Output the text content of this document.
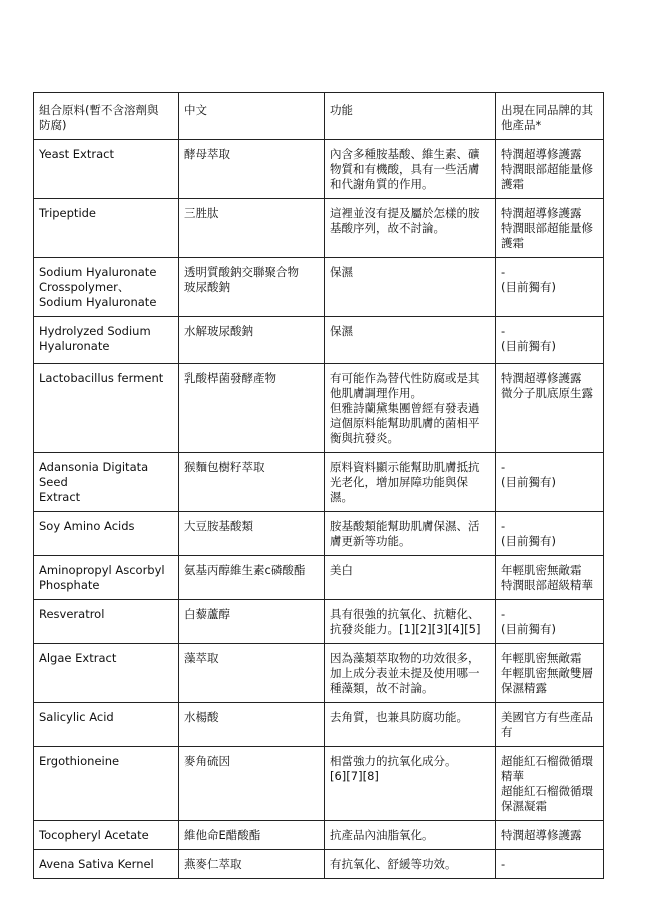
組合原料(暫不含溶劑與
防腐)	中文	功能	出現在同品牌的其
他產品*
Yeast Extract	酵母萃取	內含多種胺基酸、維生素、礦
物質和有機酸，具有一些活膚
和代謝角質的作用。	特潤超導修護露
特潤眼部超能量修
護霜
Tripeptide	三胜肽	這裡並沒有提及屬於怎樣的胺
基酸序列，故不討論。	特潤超導修護露
特潤眼部超能量修
護霜
Sodium Hyaluronate
Crosspolymer、
Sodium Hyaluronate	透明質酸鈉交聯聚合物
玻尿酸鈉	保濕	-
(目前獨有)
Hydrolyzed Sodium
Hyaluronate	水解玻尿酸鈉	保濕	-
(目前獨有)
Lactobacillus ferment	乳酸桿菌發酵產物	有可能作為替代性防腐或是其
他肌膚調理作用。
但雅詩蘭黛集團曾經有發表過
這個原料能幫助肌膚的菌相平
衡與抗發炎。	特潤超導修護露
微分子肌底原生露
Adansonia Digitata Seed
Extract	猴麵包樹籽萃取	原料資料顯示能幫助肌膚抵抗
光老化，增加屏障功能與保
濕。	-
(目前獨有)
Soy Amino Acids	大豆胺基酸類	胺基酸類能幫助肌膚保濕、活
膚更新等功能。	-
(目前獨有)
Aminopropyl Ascorbyl
Phosphate	氨基丙醇維生素c磷酸酯	美白	年輕肌密無敵霜
特潤眼部超級精華
Resveratrol	白藜蘆醇	具有很強的抗氧化、抗糖化、
抗發炎能力。[1][2][3][4][5]	-
(目前獨有)
Algae Extract	藻萃取	因為藻類萃取物的功效很多，
加上成分表並未提及使用哪一
種藻類，故不討論。	年輕肌密無敵霜
年輕肌密無敵雙層
保濕精露
Salicylic Acid	水楊酸	去角質，也兼具防腐功能。	美國官方有些產品
有
Ergothioneine	麥角硫因	相當強力的抗氧化成分。
[6][7][8]	超能紅石榴微循環
精華
超能紅石榴微循環
保濕凝霜
Tocopheryl Acetate	維他命E醋酸酯	抗產品內油脂氧化。	特潤超導修護露
Avena Sativa Kernel	燕麥仁萃取	有抗氧化、舒緩等功效。	-
